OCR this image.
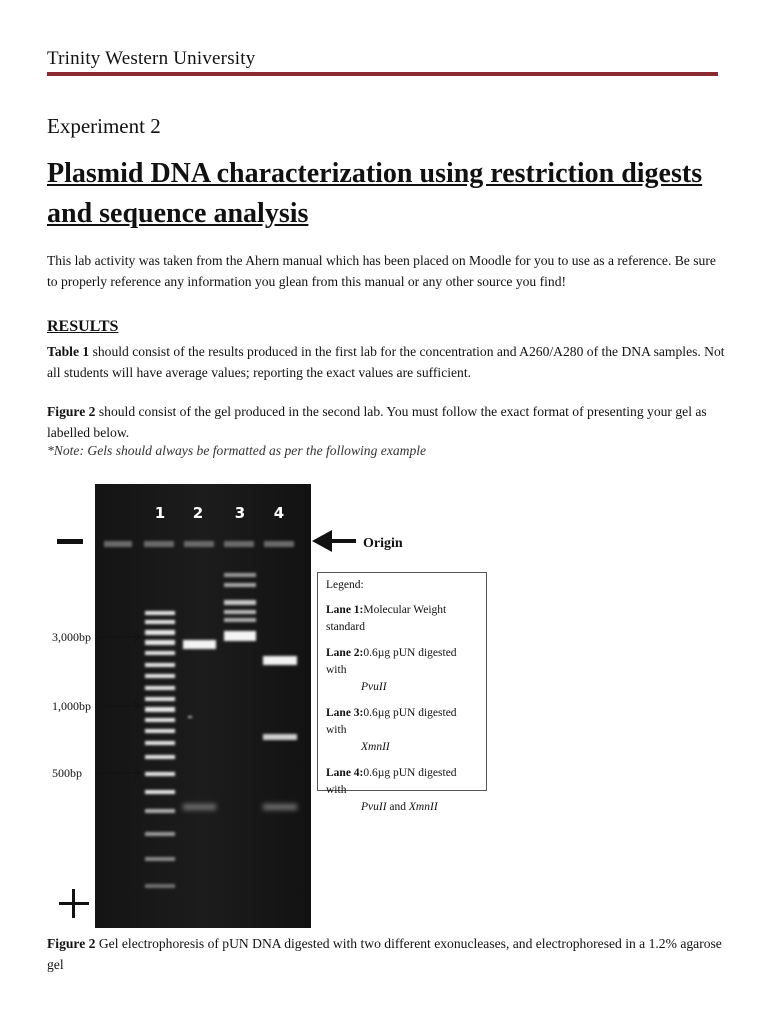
Trinity Western University
Experiment 2
Plasmid DNA characterization using restriction digests and sequence analysis
This lab activity was taken from the Ahern manual which has been placed on Moodle for you to use as a reference. Be sure to properly reference any information you glean from this manual or any other source you find!
RESULTS
Table 1 should consist of the results produced in the first lab for the concentration and A260/A280 of the DNA samples. Not all students will have average values; reporting the exact values are sufficient.
Figure 2 should consist of the gel produced in the second lab. You must follow the exact format of presenting your gel as labelled below.
*Note: Gels should always be formatted as per the following example
1 2 3 4
Origin
3,000bp
1,000bp
500bp
Legend:
Lane 1:Molecular Weight
standard
Lane 2:0.6µg pUN digested with

PvuII
Lane 3:0.6µg pUN digested with

XmnII
Lane 4:0.6µg pUN digested with

PvuII and XmnII
Figure 2 Gel electrophoresis of pUN DNA digested with two different exonucleases, and electrophoresed in a 1.2% agarose gel
